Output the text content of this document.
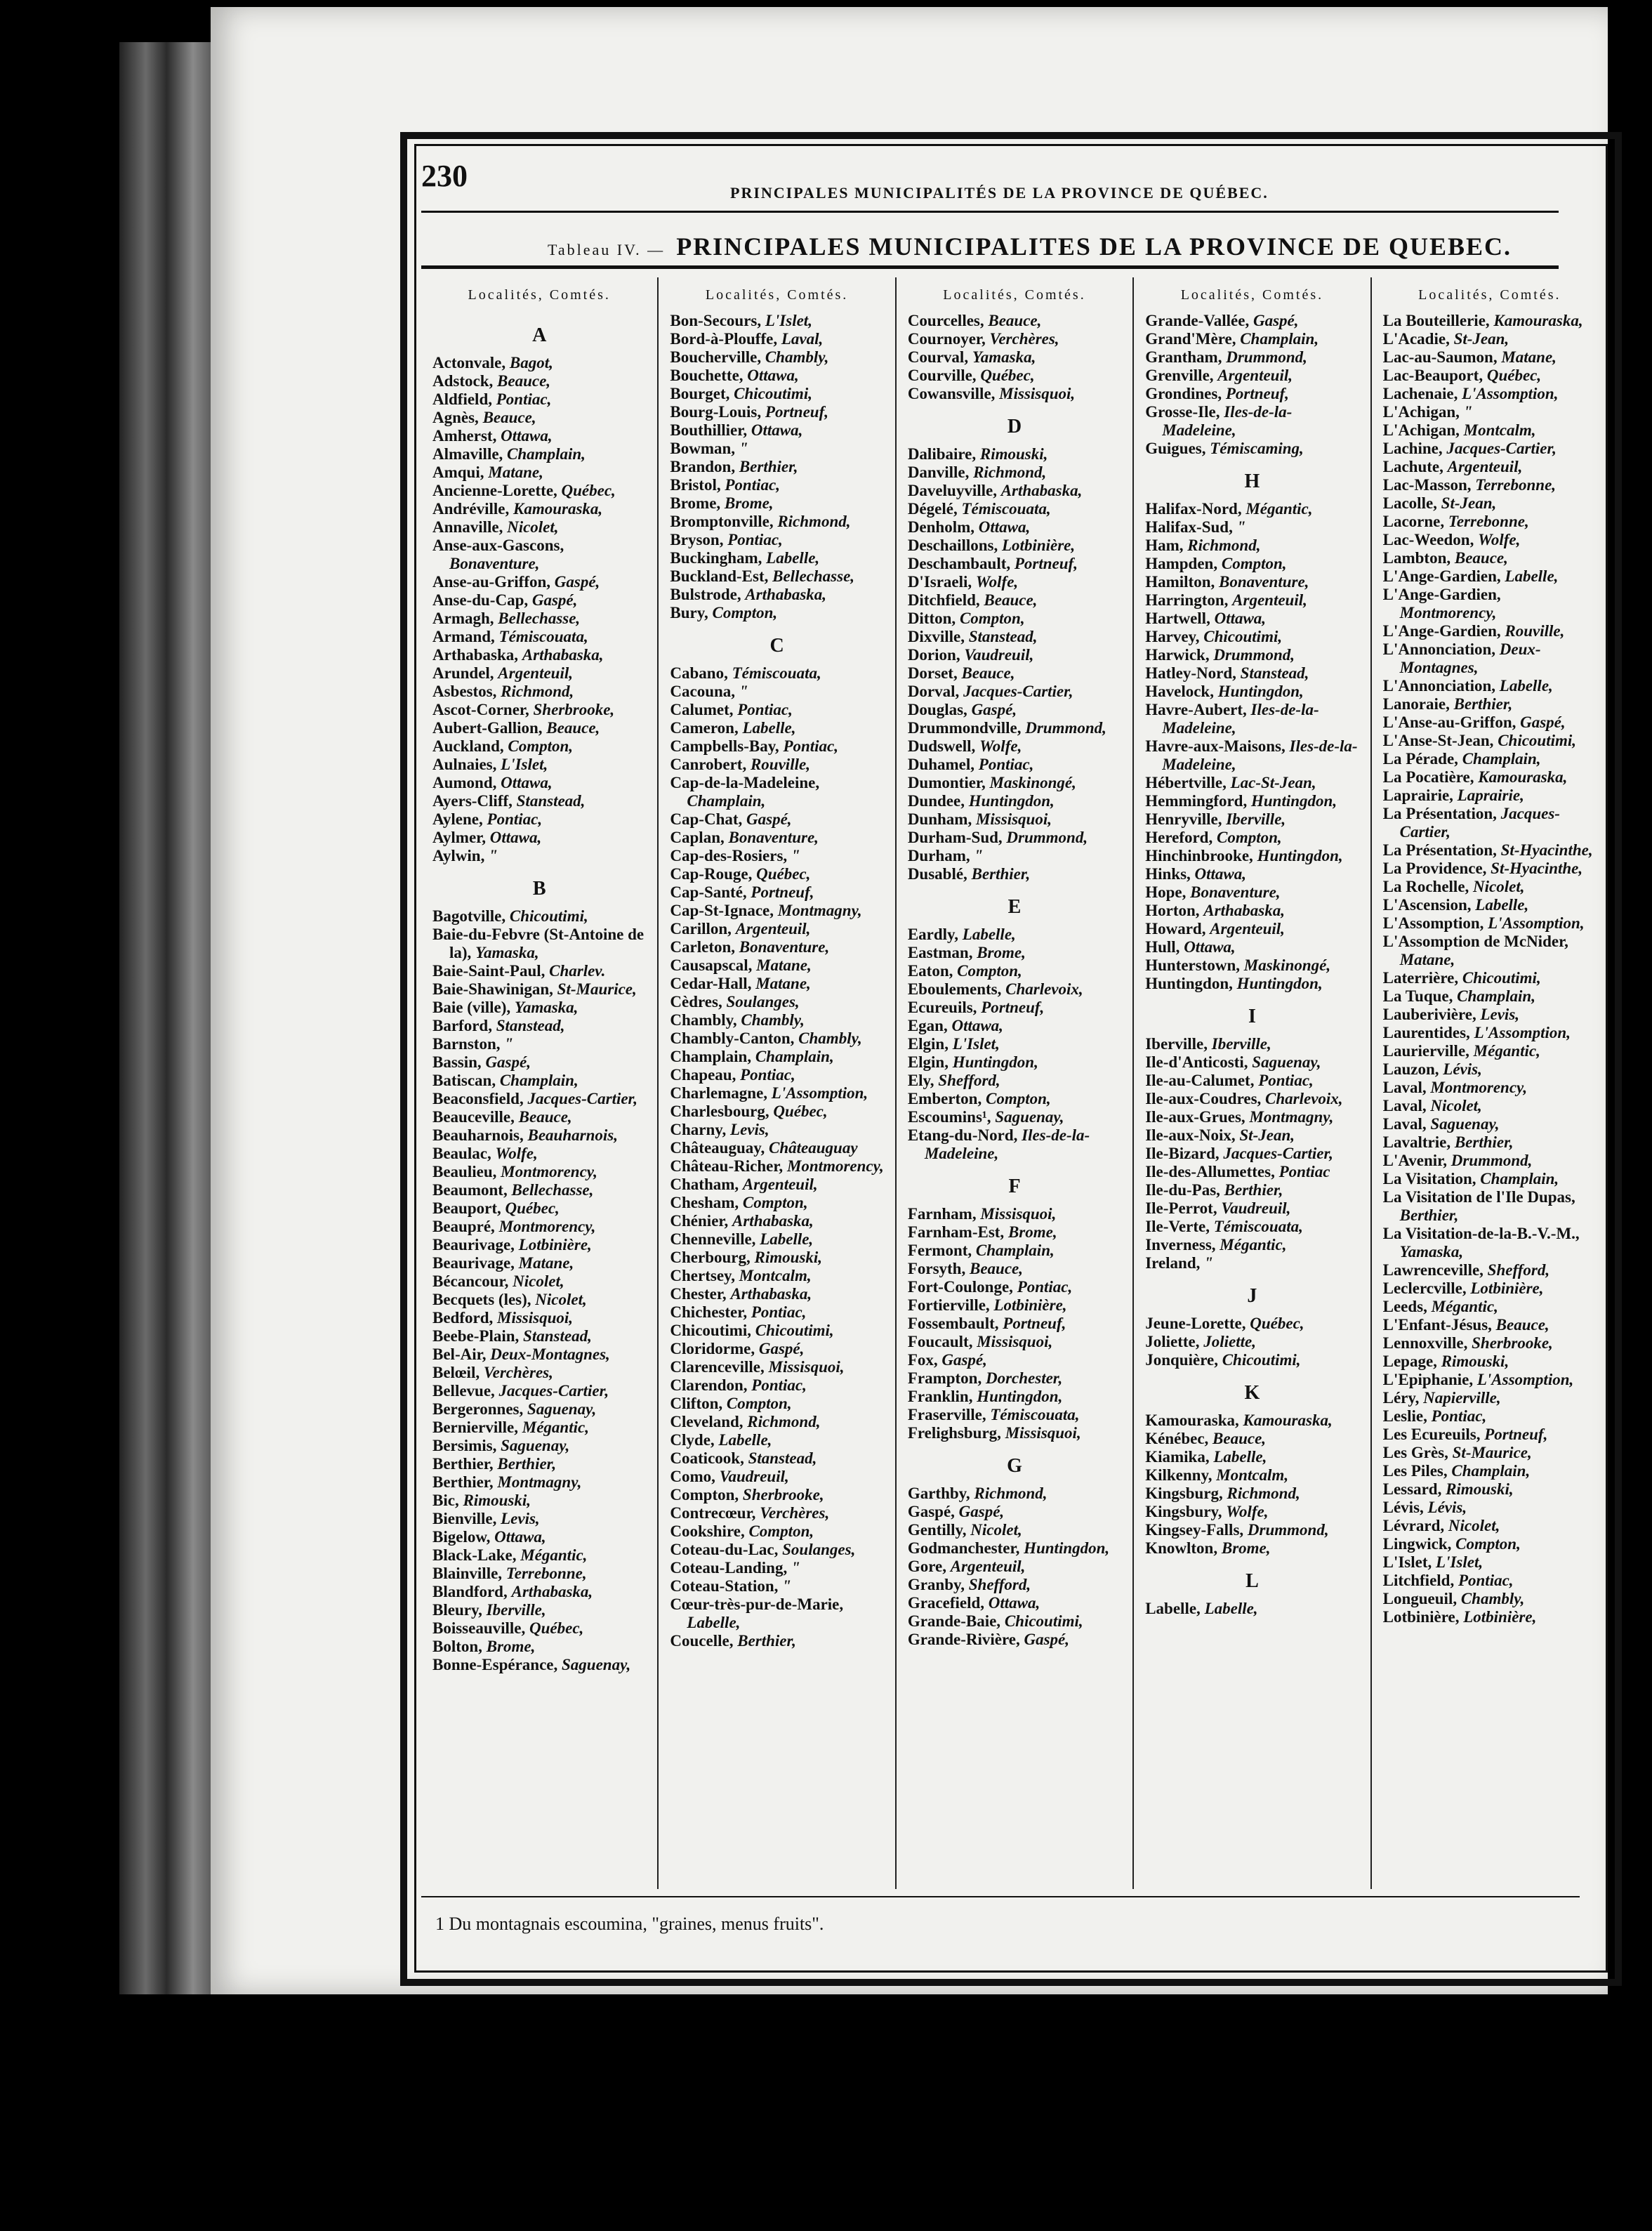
230	PRINCIPALES MUNICIPALITÉS DE LA PROVINCE DE QUÉBEC.
Tableau IV. — PRINCIPALES MUNICIPALITES DE LA PROVINCE DE QUEBEC.
Localités, Comtés.
A
Actonvale, Bagot,
Adstock, Beauce,
Aldfield, Pontiac,
Agnès, Beauce,
Amherst, Ottawa,
Almaville, Champlain,
Amqui, Matane,
Ancienne-Lorette, Québec,
Andréville, Kamouraska,
Annaville, Nicolet,
Anse-aux-Gascons, Bonaventure,
Anse-au-Griffon, Gaspé,
Anse-du-Cap, Gaspé,
Armagh, Bellechasse,
Armand, Témiscouata,
Arthabaska, Arthabaska,
Arundel, Argenteuil,
Asbestos, Richmond,
Ascot-Corner, Sherbrooke,
Aubert-Gallion, Beauce,
Auckland, Compton,
Aulnaies, L'Islet,
Aumond, Ottawa,
Ayers-Cliff, Stanstead,
Aylene, Pontiac,
Aylmer, Ottawa,
Aylwin, "
B
Bagotville, Chicoutimi,
Baie-du-Febvre (St-Antoine de la), Yamaska,
Baie-Saint-Paul, Charlev.
Baie-Shawinigan, St-Maurice,
Baie (ville), Yamaska,
Barford, Stanstead,
Barnston, "
Bassin, Gaspé,
Batiscan, Champlain,
Beaconsfield, Jacques-Cartier,
Beauceville, Beauce,
Beauharnois, Beauharnois,
Beaulac, Wolfe,
Beaulieu, Montmorency,
Beaumont, Bellechasse,
Beauport, Québec,
Beaupré, Montmorency,
Beaurivage, Lotbinière,
Beaurivage, Matane,
Bécancour, Nicolet,
Becquets (les), Nicolet,
Bedford, Missisquoi,
Beebe-Plain, Stanstead,
Bel-Air, Deux-Montagnes,
Belœil, Verchères,
Bellevue, Jacques-Cartier,
Bergeronnes, Saguenay,
Bernierville, Mégantic,
Bersimis, Saguenay,
Berthier, Berthier,
Berthier, Montmagny,
Bic, Rimouski,
Bienville, Levis,
Bigelow, Ottawa,
Black-Lake, Mégantic,
Blainville, Terrebonne,
Blandford, Arthabaska,
Bleury, Iberville,
Boisseauville, Québec,
Bolton, Brome,
Bonne-Espérance, Saguenay,
Localités, Comtés.
Bon-Secours, L'Islet,
Bord-à-Plouffe, Laval,
Boucherville, Chambly,
Bouchette, Ottawa,
Bourget, Chicoutimi,
Bourg-Louis, Portneuf,
Bouthillier, Ottawa,
Bowman, "
Brandon, Berthier,
Bristol, Pontiac,
Brome, Brome,
Bromptonville, Richmond,
Bryson, Pontiac,
Buckingham, Labelle,
Buckland-Est, Bellechasse,
Bulstrode, Arthabaska,
Bury, Compton,
C
Cabano, Témiscouata,
Cacouna, "
Calumet, Pontiac,
Cameron, Labelle,
Campbells-Bay, Pontiac,
Canrobert, Rouville,
Cap-de-la-Madeleine, Champlain,
Cap-Chat, Gaspé,
Caplan, Bonaventure,
Cap-des-Rosiers, "
Cap-Rouge, Québec,
Cap-Santé, Portneuf,
Cap-St-Ignace, Montmagny,
Carillon, Argenteuil,
Carleton, Bonaventure,
Causapscal, Matane,
Cedar-Hall, Matane,
Cèdres, Soulanges,
Chambly, Chambly,
Chambly-Canton, Chambly,
Champlain, Champlain,
Chapeau, Pontiac,
Charlemagne, L'Assomption,
Charlesbourg, Québec,
Charny, Levis,
Châteauguay, Châteauguay
Château-Richer, Montmorency,
Chatham, Argenteuil,
Chesham, Compton,
Chénier, Arthabaska,
Chenneville, Labelle,
Cherbourg, Rimouski,
Chertsey, Montcalm,
Chester, Arthabaska,
Chichester, Pontiac,
Chicoutimi, Chicoutimi,
Cloridorme, Gaspé,
Clarenceville, Missisquoi,
Clarendon, Pontiac,
Clifton, Compton,
Cleveland, Richmond,
Clyde, Labelle,
Coaticook, Stanstead,
Como, Vaudreuil,
Compton, Sherbrooke,
Contrecœur, Verchères,
Cookshire, Compton,
Coteau-du-Lac, Soulanges,
Coteau-Landing, "
Coteau-Station, "
Cœur-très-pur-de-Marie, Labelle,
Coucelle, Berthier,
Localités, Comtés.
Courcelles, Beauce,
Cournoyer, Verchères,
Courval, Yamaska,
Courville, Québec,
Cowansville, Missisquoi,
D
Dalibaire, Rimouski,
Danville, Richmond,
Daveluyville, Arthabaska,
Dégelé, Témiscouata,
Denholm, Ottawa,
Deschaillons, Lotbinière,
Deschambault, Portneuf,
D'Israeli, Wolfe,
Ditchfield, Beauce,
Ditton, Compton,
Dixville, Stanstead,
Dorion, Vaudreuil,
Dorset, Beauce,
Dorval, Jacques-Cartier,
Douglas, Gaspé,
Drummondville, Drummond,
Dudswell, Wolfe,
Duhamel, Pontiac,
Dumontier, Maskinongé,
Dundee, Huntingdon,
Dunham, Missisquoi,
Durham-Sud, Drummond,
Durham, "
Dusablé, Berthier,
E
Eardly, Labelle,
Eastman, Brome,
Eaton, Compton,
Eboulements, Charlevoix,
Ecureuils, Portneuf,
Egan, Ottawa,
Elgin, L'Islet,
Elgin, Huntingdon,
Ely, Shefford,
Emberton, Compton,
Escoumins¹, Saguenay,
Etang-du-Nord, Iles-de-la-Madeleine,
F
Farnham, Missisquoi,
Farnham-Est, Brome,
Fermont, Champlain,
Forsyth, Beauce,
Fort-Coulonge, Pontiac,
Fortierville, Lotbinière,
Fossembault, Portneuf,
Foucault, Missisquoi,
Fox, Gaspé,
Frampton, Dorchester,
Franklin, Huntingdon,
Fraserville, Témiscouata,
Frelighsburg, Missisquoi,
G
Garthby, Richmond,
Gaspé, Gaspé,
Gentilly, Nicolet,
Godmanchester, Huntingdon,
Gore, Argenteuil,
Granby, Shefford,
Gracefield, Ottawa,
Grande-Baie, Chicoutimi,
Grande-Rivière, Gaspé,
Localités, Comtés.
Grande-Vallée, Gaspé,
Grand'Mère, Champlain,
Grantham, Drummond,
Grenville, Argenteuil,
Grondines, Portneuf,
Grosse-Ile, Iles-de-la-Madeleine,
Guigues, Témiscaming,
H
Halifax-Nord, Mégantic,
Halifax-Sud, "
Ham, Richmond,
Hampden, Compton,
Hamilton, Bonaventure,
Harrington, Argenteuil,
Hartwell, Ottawa,
Harvey, Chicoutimi,
Harwick, Drummond,
Hatley-Nord, Stanstead,
Havelock, Huntingdon,
Havre-Aubert, Iles-de-la-Madeleine,
Havre-aux-Maisons, Iles-de-la-Madeleine,
Hébertville, Lac-St-Jean,
Hemmingford, Huntingdon,
Henryville, Iberville,
Hereford, Compton,
Hinchinbrooke, Huntingdon,
Hinks, Ottawa,
Hope, Bonaventure,
Horton, Arthabaska,
Howard, Argenteuil,
Hull, Ottawa,
Hunterstown, Maskinongé,
Huntingdon, Huntingdon,
I
Iberville, Iberville,
Ile-d'Anticosti, Saguenay,
Ile-au-Calumet, Pontiac,
Ile-aux-Coudres, Charlevoix,
Ile-aux-Grues, Montmagny,
Ile-aux-Noix, St-Jean,
Ile-Bizard, Jacques-Cartier,
Ile-des-Allumettes, Pontiac
Ile-du-Pas, Berthier,
Ile-Perrot, Vaudreuil,
Ile-Verte, Témiscouata,
Inverness, Mégantic,
Ireland, "
J
Jeune-Lorette, Québec,
Joliette, Joliette,
Jonquière, Chicoutimi,
K
Kamouraska, Kamouraska,
Kénébec, Beauce,
Kiamika, Labelle,
Kilkenny, Montcalm,
Kingsburg, Richmond,
Kingsbury, Wolfe,
Kingsey-Falls, Drummond,
Knowlton, Brome,
L
Labelle, Labelle,
Localités, Comtés.
La Bouteillerie, Kamouraska,
L'Acadie, St-Jean,
Lac-au-Saumon, Matane,
Lac-Beauport, Québec,
Lachenaie, L'Assomption,
L'Achigan, "
L'Achigan, Montcalm,
Lachine, Jacques-Cartier,
Lachute, Argenteuil,
Lac-Masson, Terrebonne,
Lacolle, St-Jean,
Lacorne, Terrebonne,
Lac-Weedon, Wolfe,
Lambton, Beauce,
L'Ange-Gardien, Labelle,
L'Ange-Gardien, Montmorency,
L'Ange-Gardien, Rouville,
L'Annonciation, Deux-Montagnes,
L'Annonciation, Labelle,
Lanoraie, Berthier,
L'Anse-au-Griffon, Gaspé,
L'Anse-St-Jean, Chicoutimi,
La Pérade, Champlain,
La Pocatière, Kamouraska,
Laprairie, Laprairie,
La Présentation, Jacques-Cartier,
La Présentation, St-Hyacinthe,
La Providence, St-Hyacinthe,
La Rochelle, Nicolet,
L'Ascension, Labelle,
L'Assomption, L'Assomption,
L'Assomption de McNider, Matane,
Laterrière, Chicoutimi,
La Tuque, Champlain,
Lauberivière, Levis,
Laurentides, L'Assomption,
Laurierville, Mégantic,
Lauzon, Lévis,
Laval, Montmorency,
Laval, Nicolet,
Laval, Saguenay,
Lavaltrie, Berthier,
L'Avenir, Drummond,
La Visitation, Champlain,
La Visitation de l'Ile Dupas, Berthier,
La Visitation-de-la-B.-V.-M., Yamaska,
Lawrenceville, Shefford,
Leclercville, Lotbinière,
Leeds, Mégantic,
L'Enfant-Jésus, Beauce,
Lennoxville, Sherbrooke,
Lepage, Rimouski,
L'Epiphanie, L'Assomption,
Léry, Napierville,
Leslie, Pontiac,
Les Ecureuils, Portneuf,
Les Grès, St-Maurice,
Les Piles, Champlain,
Lessard, Rimouski,
Lévis, Lévis,
Lévrard, Nicolet,
Lingwick, Compton,
L'Islet, L'Islet,
Litchfield, Pontiac,
Longueuil, Chambly,
Lotbinière, Lotbinière,
1 Du montagnais escoumina, "graines, menus fruits".
